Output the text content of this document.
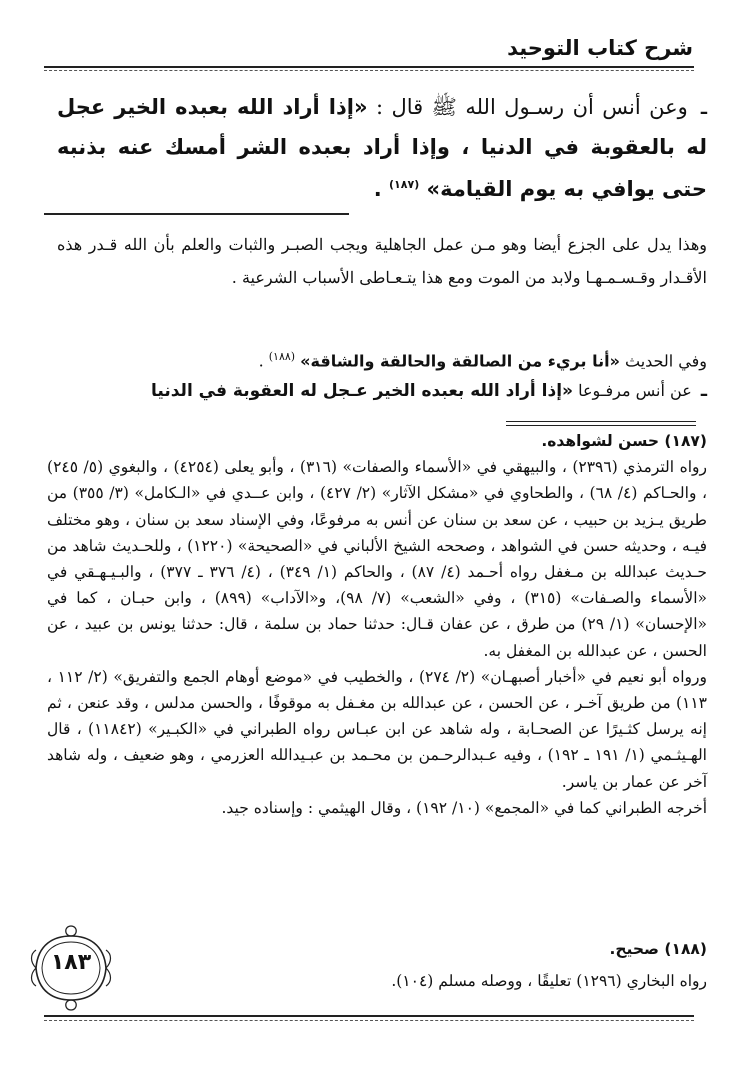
شرح كتاب التوحيد
ـ وعن أنس أن رسـول الله ﷺ قال : «إذا أراد الله بعبده الخير عجل له بالعقوبة في الدنيا ، وإذا أراد بعبده الشر أمسك عنه بذنبه حتى يوافي به يوم القيامة» $^{(١٨٧)}$ .
وهذا يدل على الجزع أيضا وهو مـن عمل الجاهلية ويجب الصبـر والثبات والعلم بأن الله قـدر هذه الأقـدار وقـسـمـهـا ولابد من الموت ومع هذا يتـعـاطى الأسباب الشرعية .
وفي الحديث «أنا بريء من الصالقة والحالقة والشاقة» $^{(١٨٨)}$ .
ـ عن أنس مرفـوعا «إذا أراد الله بعبده الخير عـجل له العقوبة في الدنيا
(١٨٧) حسن لشواهده.
رواه الترمذي (٢٣٩٦) ، والبيهقي في «الأسماء والصفات» (٣١٦) ، وأبو يعلى (٤٢٥٤) ، والبغوي (٥/ ٢٤٥) ، والحـاكم (٤/ ٦٨) ، والطحاوي في «مشكل الآثار» (٢/ ٤٢٧) ، وابن عــدي في «الـكامل» (٣/ ٣٥٥) من طريق يـزيد بن حبيب ، عن سعد بن سنان عن أنس به مرفوعًا، وفي الإسناد سعد بن سنان ، وهو مختلف فيـه ، وحديثه حسن في الشواهد ، وصححه الشيخ الألباني في «الصحيحة» (١٢٢٠) ، وللحـديث شاهد من حـديث عبدالله بن مـغفل رواه أحـمد (٤/ ٨٧) ، والحاكم (١/ ٣٤٩) ، (٤/ ٣٧٦ ـ ٣٧٧) ، والبـيـهـقي في «الأسماء والصـفات» (٣١٥) ، وفي «الشعب» (٧/ ٩٨)، و«الآداب» (٨٩٩) ، وابن حبـان ، كما في «الإحسان» (١/ ٢٩) من طرق ، عن عفان قـال: حدثنا حماد بن سلمة ، قال: حدثنا يونس بن عبيد ، عن الحسن ، عن عبدالله بن المغفل به.
ورواه أبو نعيم في «أخبار أصبهـان» (٢/ ٢٧٤) ، والخطيب في «موضع أوهام الجمع والتفريق» (٢/ ١١٢ ، ١١٣) من طريق آخـر ، عن الحسن ، عن عبدالله بن مغـفل به موقوفًا ، والحسن مدلس ، وقد عنعن ، ثم إنه يرسل كثـيرًا عن الصحـابة ، وله شاهد عن ابن عبـاس رواه الطبراني في «الكبـير» (١١٨٤٢) ، قال الهـيثـمي (١/ ١٩١ ـ ١٩٢) ، وفيه عـبدالرحـمن بن محـمد بن عبـيدالله العزرمي ، وهو ضعيف ، وله شاهد آخر عن عمار بن ياسر.
أخرجه الطبراني كما في «المجمع» (١٠/ ١٩٢) ، وقال الهيثمي : وإسناده جيد.
(١٨٨) صحيح.
رواه البخاري (١٢٩٦) تعليقًا ، ووصله مسلم (١٠٤).
١٨٣
